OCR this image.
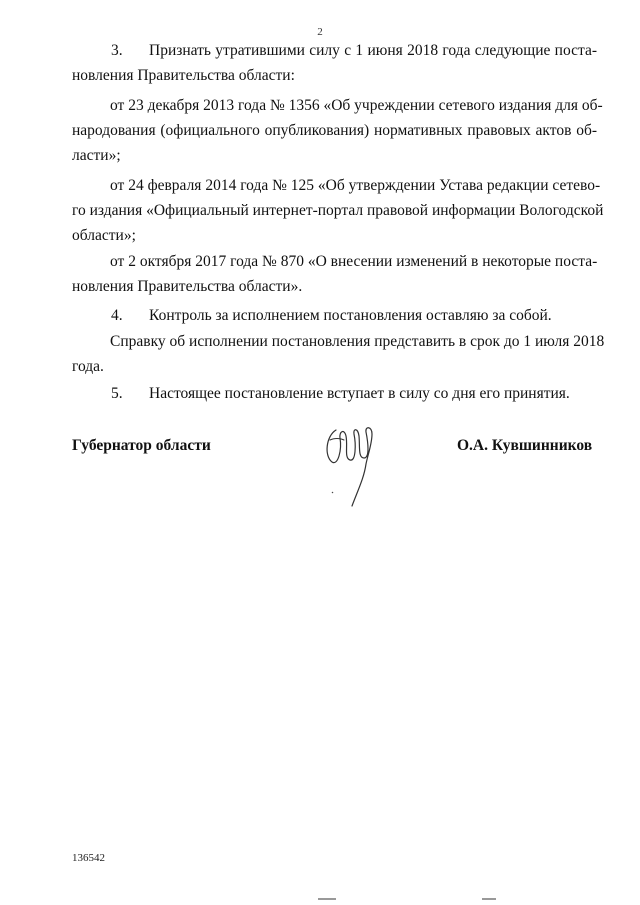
2
3. Признать утратившими силу с 1 июня 2018 года следующие поста-
новления Правительства области:
от 23 декабря 2013 года № 1356 «Об учреждении сетевого издания для об-
народования (официального опубликования) нормативных правовых актов об-
ласти»;
от 24 февраля 2014 года № 125 «Об утверждении Устава редакции сетево-
го издания «Официальный интернет-портал правовой информации Вологодской
области»;
от 2 октября 2017 года № 870 «О внесении изменений в некоторые поста-
новления Правительства области».
4. Контроль за исполнением постановления оставляю за собой.
Справку об исполнении постановления представить в срок до 1 июля 2018
года.
5. Настоящее постановление вступает в силу со дня его принятия.
Губернатор области	О.А. Кувшинников
136542
